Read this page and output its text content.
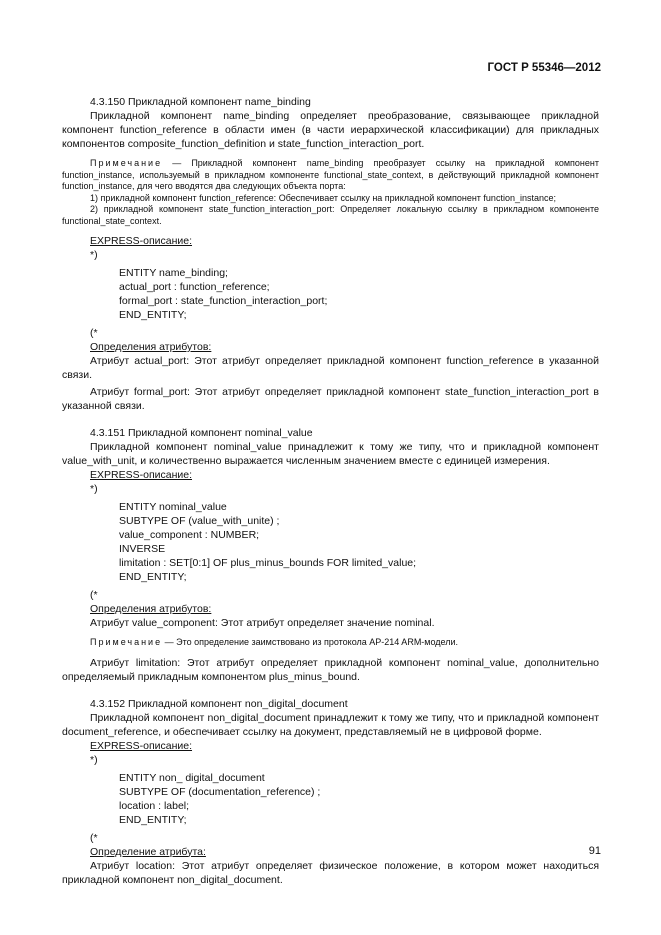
ГОСТ Р 55346—2012

4.3.150 Прикладной компонент name_binding

Прикладной компонент name_binding определяет преобразование, связывающее прикладной компонент function_reference в области имен (в части иерархической классификации) для прикладных компонентов composite_function_definition и state_function_interaction_port.

Примечание — Прикладной компонент name_binding преобразует ссылку на прикладной компонент function_instance, используемый в прикладном компоненте functional_state_context, в действующий прикладной компонент function_instance, для чего вводятся два следующих объекта порта:

1) прикладной компонент function_reference: Обеспечивает ссылку на прикладной компонент function_instance;

2) прикладной компонент state_function_interaction_port: Определяет локальную ссылку в прикладном компоненте functional_state_context.

EXPRESS-описание:

*)

ENTITY name_binding;

actual_port : function_reference;

formal_port : state_function_interaction_port;

END_ENTITY;

(*

Определения атрибутов:

Атрибут actual_port: Этот атрибут определяет прикладной компонент function_reference в указанной связи.

Атрибут formal_port: Этот атрибут определяет прикладной компонент state_function_interaction_port в указанной связи.

4.3.151 Прикладной компонент nominal_value

Прикладной компонент nominal_value принадлежит к тому же типу, что и прикладной компонент value_with_unit, и количественно выражается численным значением вместе с единицей измерения.

EXPRESS-описание:

*)

ENTITY nominal_value

SUBTYPE OF (value_with_unite) ;

value_component : NUMBER;

INVERSE

limitation : SET[0:1] OF plus_minus_bounds FOR limited_value;

END_ENTITY;

(*

Определения атрибутов:

Атрибут value_component: Этот атрибут определяет значение nominal.

Примечание — Это определение заимствовано из протокола AP-214 ARM-модели.

Атрибут limitation: Этот атрибут определяет прикладной компонент nominal_value, дополнительно определяемый прикладным компонентом plus_minus_bound.

4.3.152 Прикладной компонент non_digital_document

Прикладной компонент non_digital_document принадлежит к тому же типу, что и прикладной компонент document_reference, и обеспечивает ссылку на документ, представляемый не в цифровой форме.

EXPRESS-описание:

*)

ENTITY non_ digital_document

SUBTYPE OF (documentation_reference) ;

location : label;

END_ENTITY;

(*

Определение атрибута:

Атрибут location: Этот атрибут определяет физическое положение, в котором может находиться прикладной компонент non_digital_document.

91
